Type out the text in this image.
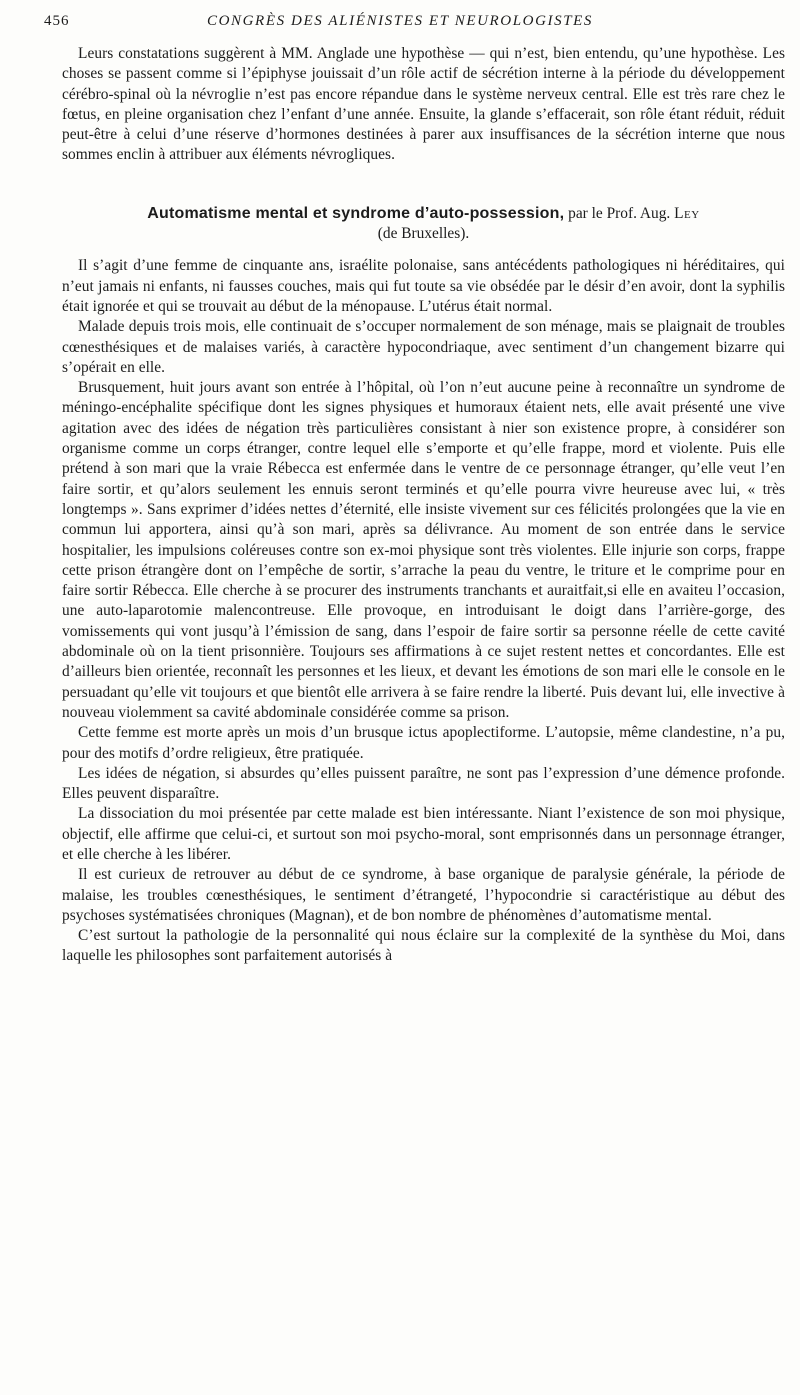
456	CONGRÈS DES ALIÉNISTES ET NEUROLOGISTES

Leurs constatations suggèrent à MM. Anglade une hypothèse — qui n’est, bien entendu, qu’une hypothèse. Les choses se passent comme si l’épiphyse jouissait d’un rôle actif de sécrétion interne à la période du développement cérébro-spinal où la névroglie n’est pas encore répandue dans le système nerveux central. Elle est très rare chez le fœtus, en pleine organisation chez l’enfant d’une année. Ensuite, la glande s’effacerait, son rôle étant réduit, réduit peut-être à celui d’une réserve d’hormones destinées à parer aux insuffisances de la sécrétion interne que nous sommes enclin à attribuer aux éléments névrogliques.

Automatisme mental et syndrome d’auto-possession, par le Prof. Aug. Ley
(de Bruxelles).

Il s’agit d’une femme de cinquante ans, israélite polonaise, sans antécédents pathologiques ni héréditaires, qui n’eut jamais ni enfants, ni fausses couches, mais qui fut toute sa vie obsédée par le désir d’en avoir, dont la syphilis était ignorée et qui se trouvait au début de la ménopause. L’utérus était normal.

Malade depuis trois mois, elle continuait de s’occuper normalement de son ménage, mais se plaignait de troubles cœnesthésiques et de malaises variés, à caractère hypocondriaque, avec sentiment d’un changement bizarre qui s’opérait en elle.

Brusquement, huit jours avant son entrée à l’hôpital, où l’on n’eut aucune peine à reconnaître un syndrome de méningo-encéphalite spécifique dont les signes physiques et humoraux étaient nets, elle avait présenté une vive agitation avec des idées de négation très particulières consistant à nier son existence propre, à considérer son organisme comme un corps étranger, contre lequel elle s’emporte et qu’elle frappe, mord et violente. Puis elle prétend à son mari que la vraie Rébecca est enfermée dans le ventre de ce personnage étranger, qu’elle veut l’en faire sortir, et qu’alors seulement les ennuis seront terminés et qu’elle pourra vivre heureuse avec lui, « très longtemps ». Sans exprimer d’idées nettes d’éternité, elle insiste vivement sur ces félicités prolongées que la vie en commun lui apportera, ainsi qu’à son mari, après sa délivrance. Au moment de son entrée dans le service hospitalier, les impulsions coléreuses contre son ex-moi physique sont très violentes. Elle injurie son corps, frappe cette prison étrangère dont on l’empêche de sortir, s’arrache la peau du ventre, le triture et le comprime pour en faire sortir Rébecca. Elle cherche à se procurer des instruments tranchants et auraitfait,si elle en avaiteu l’occasion, une auto-laparotomie malencontreuse. Elle provoque, en introduisant le doigt dans l’arrière-gorge, des vomissements qui vont jusqu’à l’émission de sang, dans l’espoir de faire sortir sa personne réelle de cette cavité abdominale où on la tient prisonnière. Toujours ses affirmations à ce sujet restent nettes et concordantes. Elle est d’ailleurs bien orientée, reconnaît les personnes et les lieux, et devant les émotions de son mari elle le console en le persuadant qu’elle vit toujours et que bientôt elle arrivera à se faire rendre la liberté. Puis devant lui, elle invective à nouveau violemment sa cavité abdominale considérée comme sa prison.

Cette femme est morte après un mois d’un brusque ictus apoplectiforme. L’autopsie, même clandestine, n’a pu, pour des motifs d’ordre religieux, être pratiquée.

Les idées de négation, si absurdes qu’elles puissent paraître, ne sont pas l’expression d’une démence profonde. Elles peuvent disparaître.

La dissociation du moi présentée par cette malade est bien intéressante. Niant l’existence de son moi physique, objectif, elle affirme que celui-ci, et surtout son moi psycho-moral, sont emprisonnés dans un personnage étranger, et elle cherche à les libérer.

Il est curieux de retrouver au début de ce syndrome, à base organique de paralysie générale, la période de malaise, les troubles cœnesthésiques, le sentiment d’étrangeté, l’hypocondrie si caractéristique au début des psychoses systématisées chroniques (Magnan), et de bon nombre de phénomènes d’automatisme mental.

C’est surtout la pathologie de la personnalité qui nous éclaire sur la complexité de la synthèse du Moi, dans laquelle les philosophes sont parfaitement autorisés à
